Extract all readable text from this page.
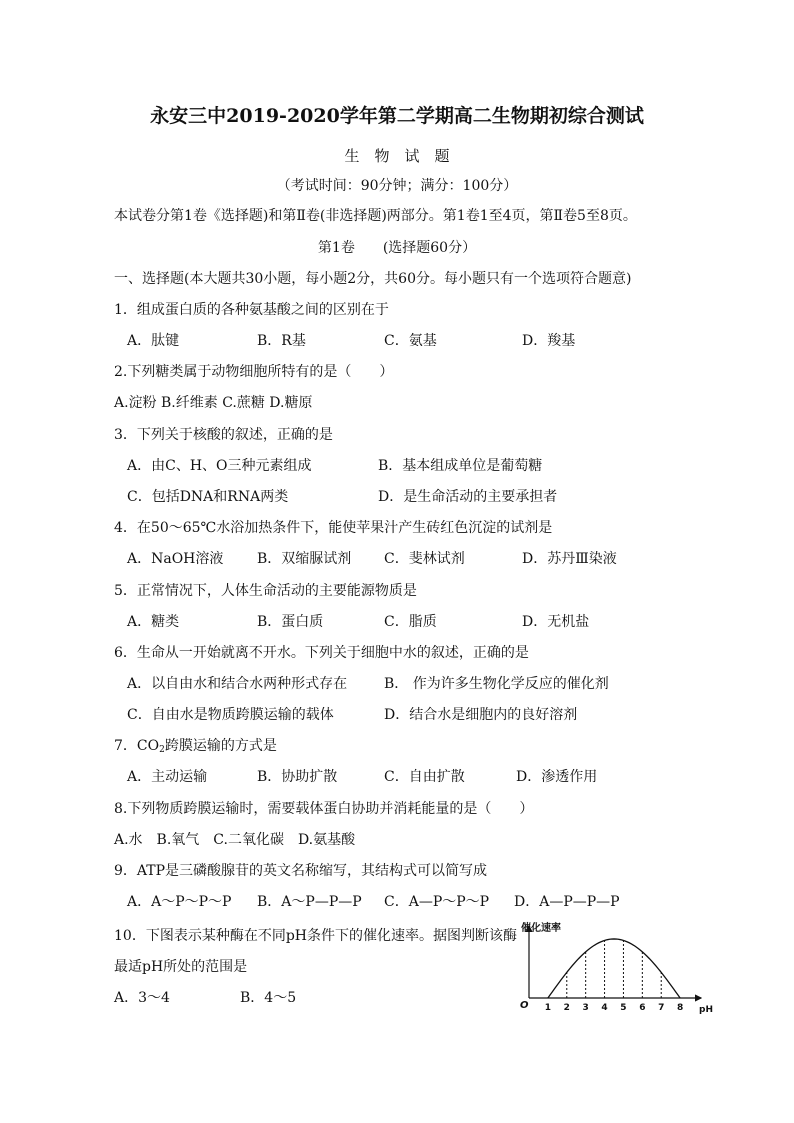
永安三中2019-2020学年第二学期高二生物期初综合测试
生　物　试　题
（考试时间：90分钟；满分：100分）
本试卷分第1卷《选择题)和第Ⅱ卷(非选择题)两部分。第1卷1至4页，第Ⅱ卷5至8页。
第1卷　　(选择题60分）
一、选择题(本大题共30小题，每小题2分，共60分。每小题只有一个选项符合题意)
1．组成蛋白质的各种氨基酸之间的区别在于
A．肽键	B．R基	C．氨基	D．羧基
2.下列糖类属于动物细胞所特有的是（　　）
A.淀粉 B.纤维素 C.蔗糖 D.糖原
3．下列关于核酸的叙述，正确的是
A．由C、H、O三种元素组成	B．基本组成单位是葡萄糖
C．包括DNA和RNA两类	D．是生命活动的主要承担者
4．在50～65℃水浴加热条件下，能使苹果汁产生砖红色沉淀的试剂是
A．NaOH溶液 B．双缩脲试剂 C．斐林试剂	D．苏丹Ⅲ染液
5．正常情况下，人体生命活动的主要能源物质是
A．糖类	B．蛋白质	C．脂质	D．无机盐
6．生命从一开始就离不开水。下列关于细胞中水的叙述，正确的是
A．以自由水和结合水两种形式存在	B． 作为许多生物化学反应的催化剂
C．自由水是物质跨膜运输的载体	D．结合水是细胞内的良好溶剂
7．$CO_2$跨膜运输的方式是
A．主动运输	B．协助扩散	C．自由扩散	D．渗透作用
8.下列物质跨膜运输时，需要载体蛋白协助并消耗能量的是（　　）
A.水　B.氧气　C.二氧化碳　D.氨基酸
9．ATP是三磷酸腺苷的英文名称缩写，其结构式可以简写成
A．A～P～P～P B．A～P—P—P C．A—P～P～P D．A—P—P—P
10．下图表示某种酶在不同pH条件下的催化速率。据图判断该酶
最适pH所处的范围是
A．3～4	B．4～5
催化速率
pH
O 1 2 3 4 5 6 7 8
